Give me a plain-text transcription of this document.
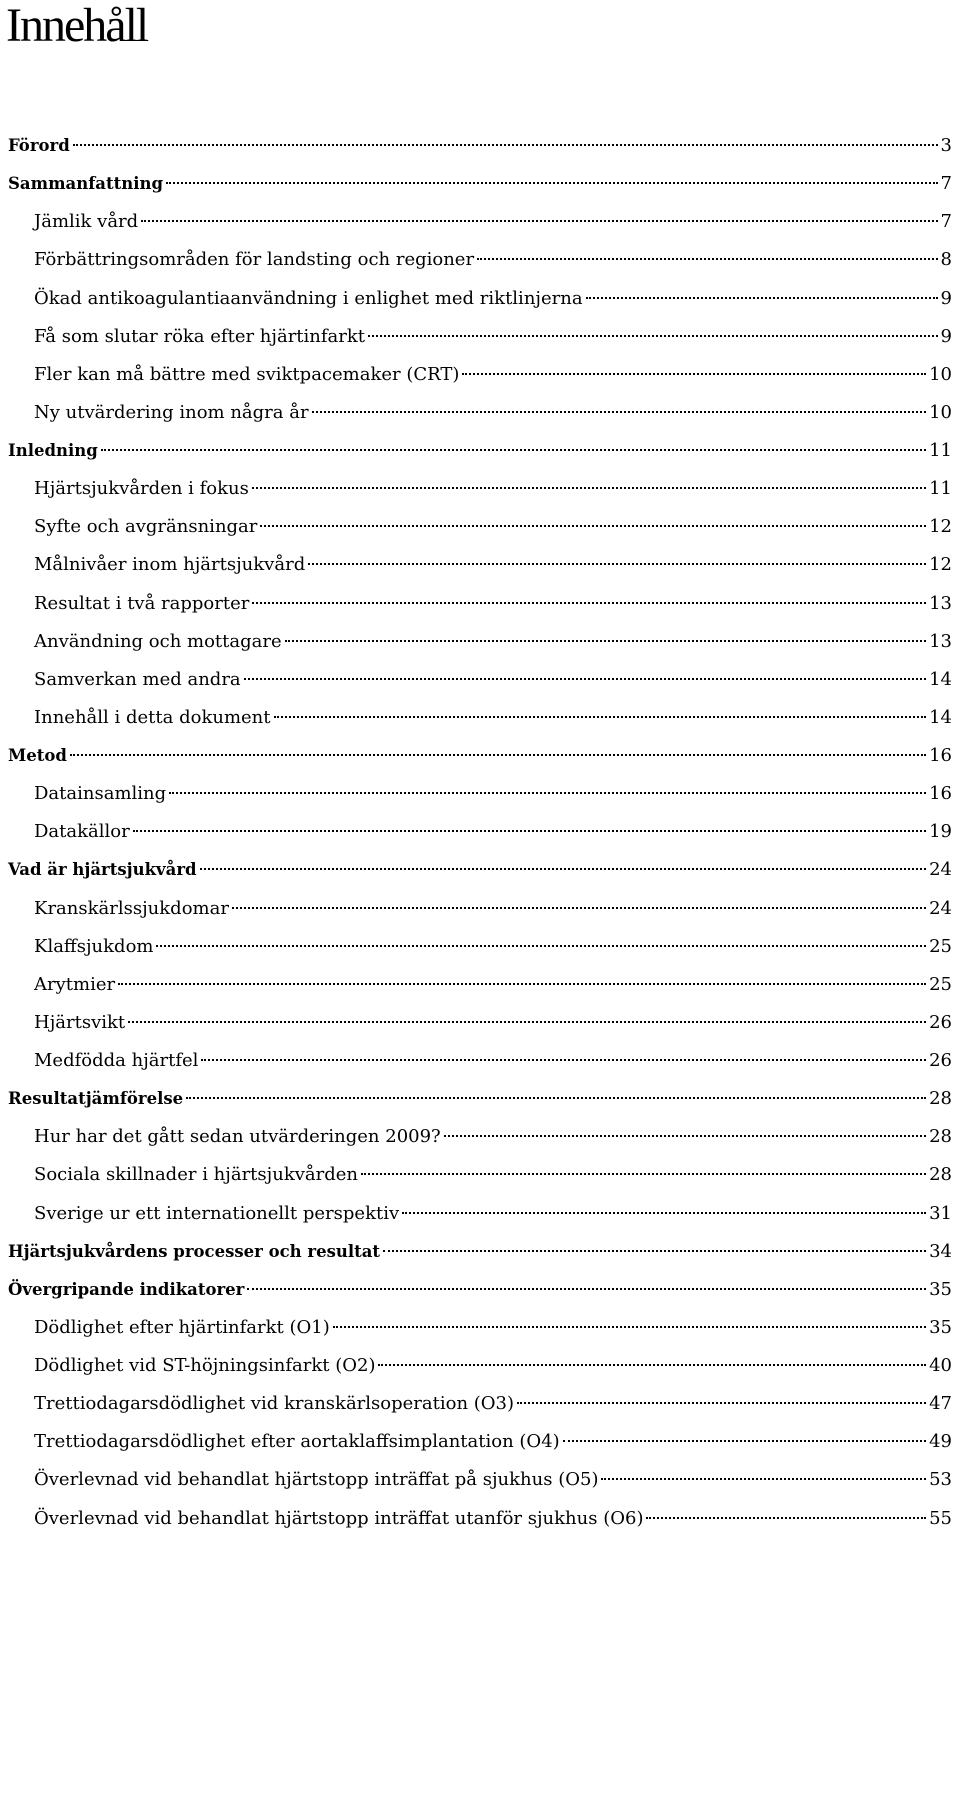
Innehåll
Förord	3
Sammanfattning	7
Jämlik vård	7
Förbättringsområden för landsting och regioner	8
Ökad antikoagulantiaanvändning i enlighet med riktlinjerna	9
Få som slutar röka efter hjärtinfarkt	9
Fler kan må bättre med sviktpacemaker (CRT)	10
Ny utvärdering inom några år	10
Inledning	11
Hjärtsjukvården i fokus	11
Syfte och avgränsningar	12
Målnivåer inom hjärtsjukvård	12
Resultat i två rapporter	13
Användning och mottagare	13
Samverkan med andra	14
Innehåll i detta dokument	14
Metod	16
Datainsamling	16
Datakällor	19
Vad är hjärtsjukvård	24
Kranskärlssjukdomar	24
Klaffsjukdom	25
Arytmier	25
Hjärtsvikt	26
Medfödda hjärtfel	26
Resultatjämförelse	28
Hur har det gått sedan utvärderingen 2009?	28
Sociala skillnader i hjärtsjukvården	28
Sverige ur ett internationellt perspektiv	31
Hjärtsjukvårdens processer och resultat	34
Övergripande indikatorer	35
Dödlighet efter hjärtinfarkt (O1)	35
Dödlighet vid ST-höjningsinfarkt (O2)	40
Trettiodagarsdödlighet vid kranskärlsoperation (O3)	47
Trettiodagarsdödlighet efter aortaklaffsimplantation (O4)	49
Överlevnad vid behandlat hjärtstopp inträffat på sjukhus (O5)	53
Överlevnad vid behandlat hjärtstopp inträffat utanför sjukhus (O6)	55
